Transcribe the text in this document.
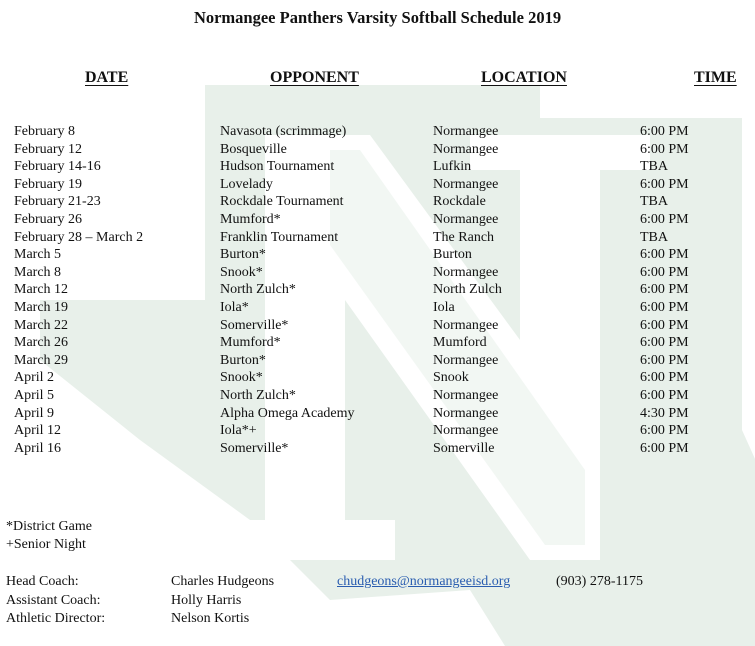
Normangee Panthers Varsity Softball Schedule 2019
DATE	OPPONENT	LOCATION	TIME
February 8	Navasota (scrimmage)	Normangee	6:00 PM
February 12	Bosqueville	Normangee	6:00 PM
February 14-16	Hudson Tournament	Lufkin	TBA
February 19	Lovelady	Normangee	6:00 PM
February 21-23	Rockdale Tournament	Rockdale	TBA
February 26	Mumford*	Normangee	6:00 PM
February 28 – March 2	Franklin Tournament	The Ranch	TBA
March 5	Burton*	Burton	6:00 PM
March 8	Snook*	Normangee	6:00 PM
March 12	North Zulch*	North Zulch	6:00 PM
March 19	Iola*	Iola	6:00 PM
March 22	Somerville*	Normangee	6:00 PM
March 26	Mumford*	Mumford	6:00 PM
March 29	Burton*	Normangee	6:00 PM
April 2	Snook*	Snook	6:00 PM
April 5	North Zulch*	Normangee	6:00 PM
April 9	Alpha Omega Academy	Normangee	4:30 PM
April 12	Iola*+	Normangee	6:00 PM
April 16	Somerville*	Somerville	6:00 PM
*District Game
+Senior Night
Head Coach:	Charles Hudgeons	chudgeons@normangeeisd.org	(903) 278-1175
Assistant Coach:	Holly Harris
Athletic Director:	Nelson Kortis
